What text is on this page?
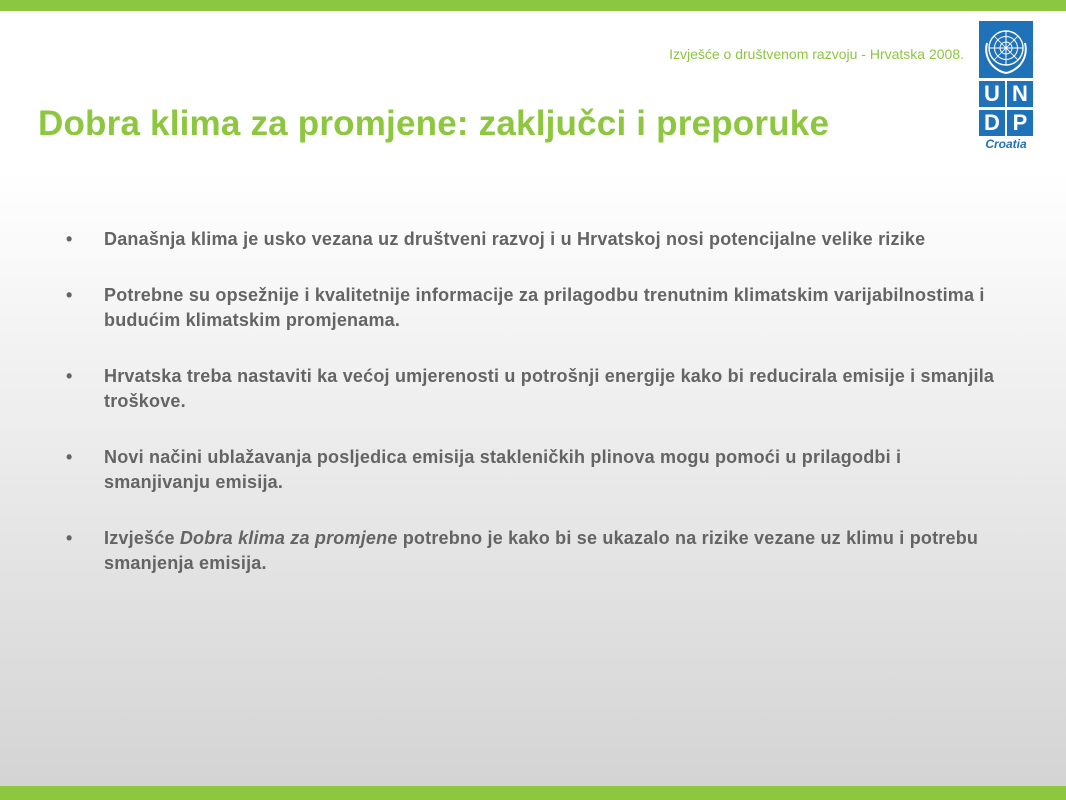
Izvješće o društvenom razvoju - Hrvatska 2008.
Dobra klima za promjene: zaključci i preporuke
U N
D P
Croatia
• Današnja klima je usko vezana uz društveni razvoj i u Hrvatskoj nosi potencijalne velike rizike
• Potrebne su opsežnije i kvalitetnije informacije za prilagodbu trenutnim klimatskim varijabilnostima i budućim klimatskim promjenama.
• Hrvatska treba nastaviti ka većoj umjerenosti u potrošnji energije kako bi reducirala emisije i smanjila troškove.
• Novi načini ublažavanja posljedica emisija stakleničkih plinova mogu pomoći u prilagodbi i smanjivanju emisija.
• Izvješće Dobra klima za promjene potrebno je kako bi se ukazalo na rizike vezane uz klimu i potrebu smanjenja emisija.
